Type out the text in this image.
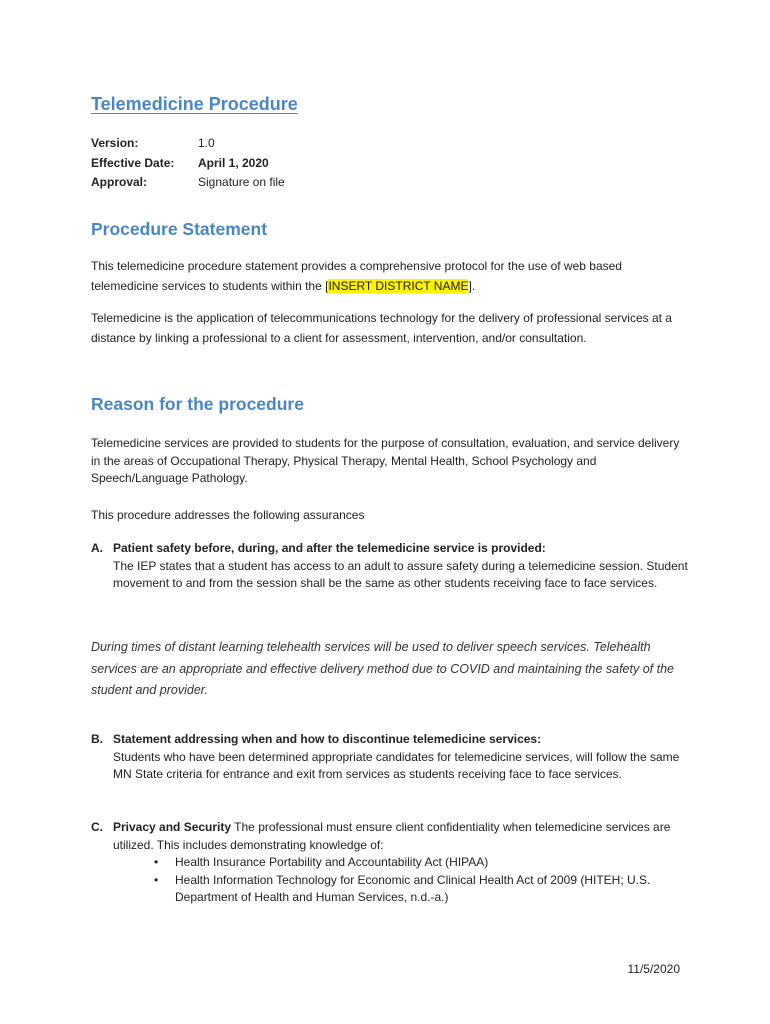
Telemedicine Procedure
Version:	1.0
Effective Date:	April 1, 2020
Approval:	Signature on file
Procedure Statement
This telemedicine procedure statement provides a comprehensive protocol for the use of web based telemedicine services to students within the [INSERT DISTRICT NAME].
Telemedicine is the application of telecommunications technology for the delivery of professional services at a distance by linking a professional to a client for assessment, intervention, and/or consultation.
Reason for the procedure
Telemedicine services are provided to students for the purpose of consultation, evaluation, and service delivery in the areas of Occupational Therapy, Physical Therapy, Mental Health, School Psychology and Speech/Language Pathology.
This procedure addresses the following assurances
A. Patient safety before, during, and after the telemedicine service is provided:
The IEP states that a student has access to an adult to assure safety during a telemedicine session. Student movement to and from the session shall be the same as other students receiving face to face services.
During times of distant learning telehealth services will be used to deliver speech services. Telehealth services are an appropriate and effective delivery method due to COVID and maintaining the safety of the student and provider.
B. Statement addressing when and how to discontinue telemedicine services:
Students who have been determined appropriate candidates for telemedicine services, will follow the same MN State criteria for entrance and exit from services as students receiving face to face services.
C. Privacy and Security The professional must ensure client confidentiality when telemedicine services are utilized. This includes demonstrating knowledge of:
• Health Insurance Portability and Accountability Act (HIPAA)
• Health Information Technology for Economic and Clinical Health Act of 2009 (HITEH; U.S. Department of Health and Human Services, n.d.-a.)
11/5/2020
